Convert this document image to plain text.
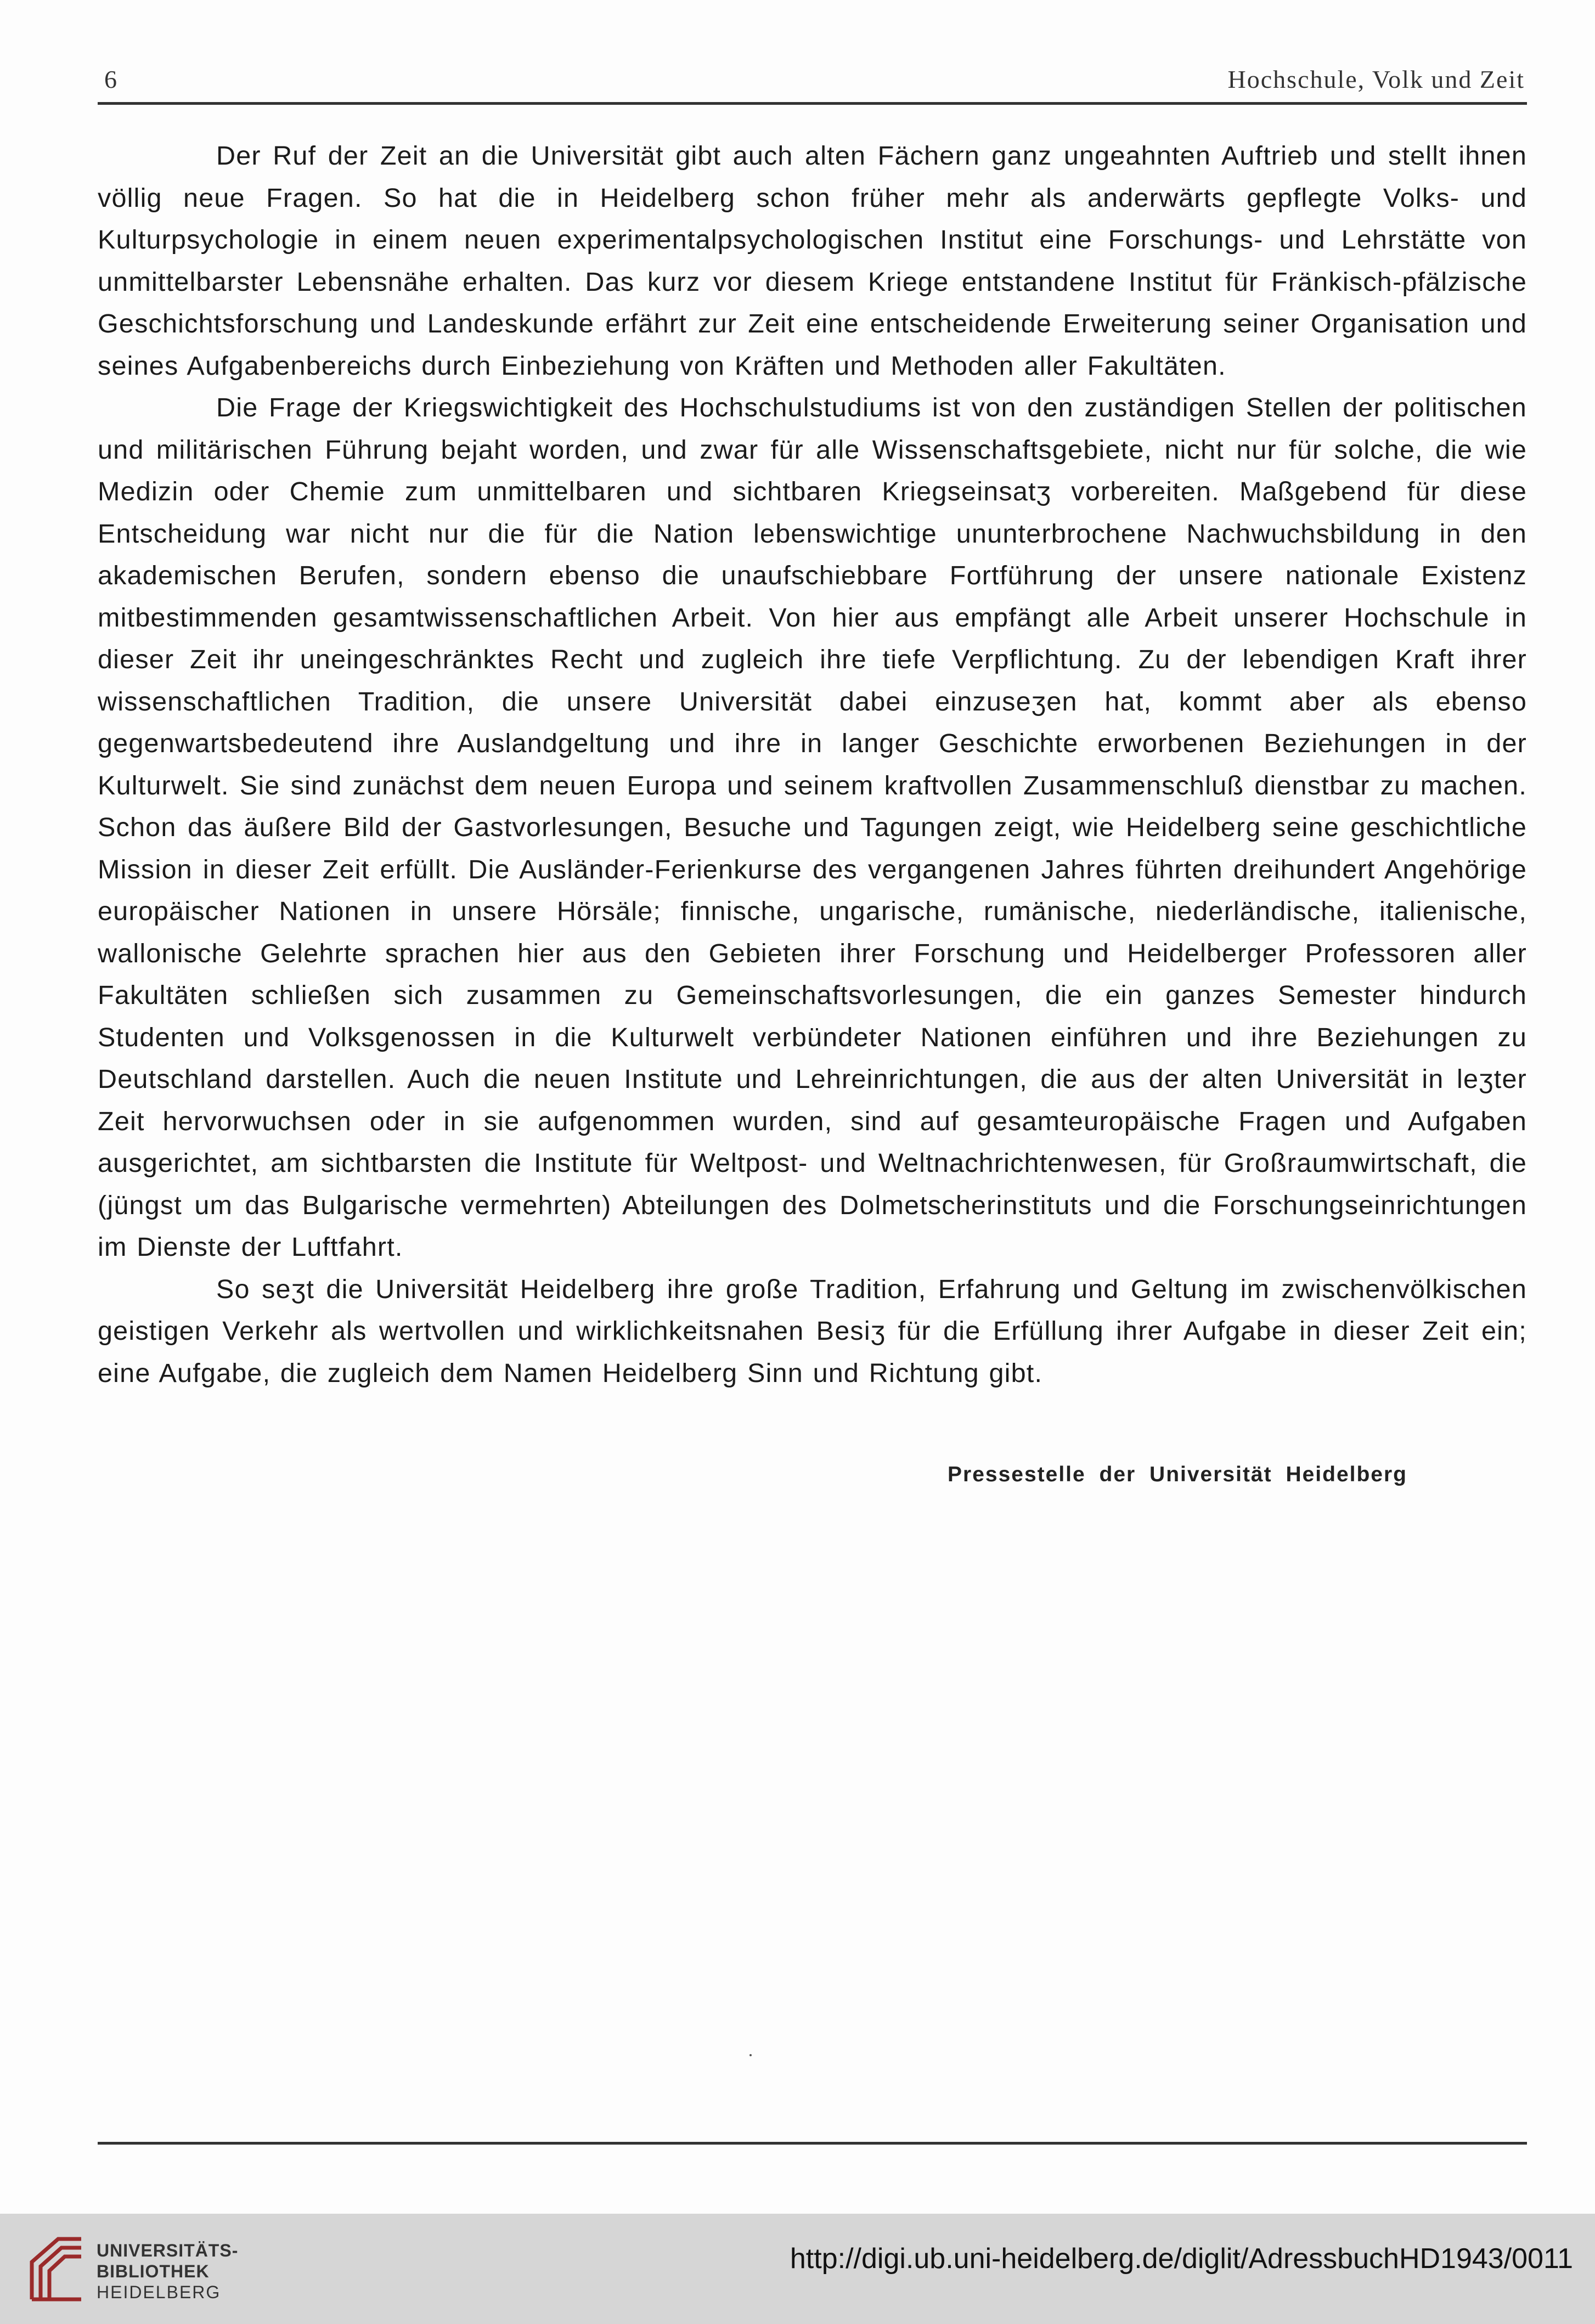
6	Hochschule, Volk und Zeit

Der Ruf der Zeit an die Universität gibt auch alten Fächern ganz ungeahnten Auftrieb und stellt ihnen völlig neue Fragen. So hat die in Heidelberg schon früher mehr als anderwärts gepflegte Volks- und Kulturpsychologie in einem neuen experimentalpsychologischen Institut eine Forschungs- und Lehrstätte von unmittelbarster Lebensnähe erhalten. Das kurz vor diesem Kriege entstandene Institut für Fränkisch-pfälzische Geschichtsforschung und Landeskunde erfährt zur Zeit eine entscheidende Erweiterung seiner Organisation und seines Aufgabenbereichs durch Einbeziehung von Kräften und Methoden aller Fakultäten.

Die Frage der Kriegswichtigkeit des Hochschulstudiums ist von den zuständigen Stellen der politischen und militärischen Führung bejaht worden, und zwar für alle Wissenschaftsgebiete, nicht nur für solche, die wie Medizin oder Chemie zum unmittelbaren und sichtbaren Kriegseinsatʒ vorbereiten. Maßgebend für diese Entscheidung war nicht nur die für die Nation lebenswichtige ununterbrochene Nachwuchsbildung in den akademischen Berufen, sondern ebenso die unaufschiebbare Fortführung der unsere nationale Existenz mitbestimmenden gesamtwissenschaftlichen Arbeit. Von hier aus empfängt alle Arbeit unserer Hochschule in dieser Zeit ihr uneingeschränktes Recht und zugleich ihre tiefe Verpflichtung. Zu der lebendigen Kraft ihrer wissenschaftlichen Tradition, die unsere Universität dabei einzuseʒen hat, kommt aber als ebenso gegenwartsbedeutend ihre Auslandgeltung und ihre in langer Geschichte erworbenen Beziehungen in der Kulturwelt. Sie sind zunächst dem neuen Europa und seinem kraftvollen Zusammenschluß dienstbar zu machen. Schon das äußere Bild der Gastvorlesungen, Besuche und Tagungen zeigt, wie Heidelberg seine geschichtliche Mission in dieser Zeit erfüllt. Die Ausländer-Ferienkurse des vergangenen Jahres führten dreihundert Angehörige europäischer Nationen in unsere Hörsäle; finnische, ungarische, rumänische, niederländische, italienische, wallonische Gelehrte sprachen hier aus den Gebieten ihrer Forschung und Heidelberger Professoren aller Fakultäten schließen sich zusammen zu Gemeinschaftsvorlesungen, die ein ganzes Semester hindurch Studenten und Volksgenossen in die Kulturwelt verbündeter Nationen einführen und ihre Beziehungen zu Deutschland darstellen. Auch die neuen Institute und Lehreinrichtungen, die aus der alten Universität in leʒter Zeit hervorwuchsen oder in sie aufgenommen wurden, sind auf gesamteuropäische Fragen und Aufgaben ausgerichtet, am sichtbarsten die Institute für Weltpost- und Weltnachrichtenwesen, für Großraumwirtschaft, die (jüngst um das Bulgarische vermehrten) Abteilungen des Dolmetscherinstituts und die Forschungseinrichtungen im Dienste der Luftfahrt.

So seʒt die Universität Heidelberg ihre große Tradition, Erfahrung und Geltung im zwischenvölkischen geistigen Verkehr als wertvollen und wirklichkeitsnahen Besiʒ für die Erfüllung ihrer Aufgabe in dieser Zeit ein; eine Aufgabe, die zugleich dem Namen Heidelberg Sinn und Richtung gibt.

Pressestelle der Universität Heidelberg
UNIVERSITÄTS-
BIBLIOTHEK
HEIDELBERG
http://digi.ub.uni-heidelberg.de/diglit/AdressbuchHD1943/0011
